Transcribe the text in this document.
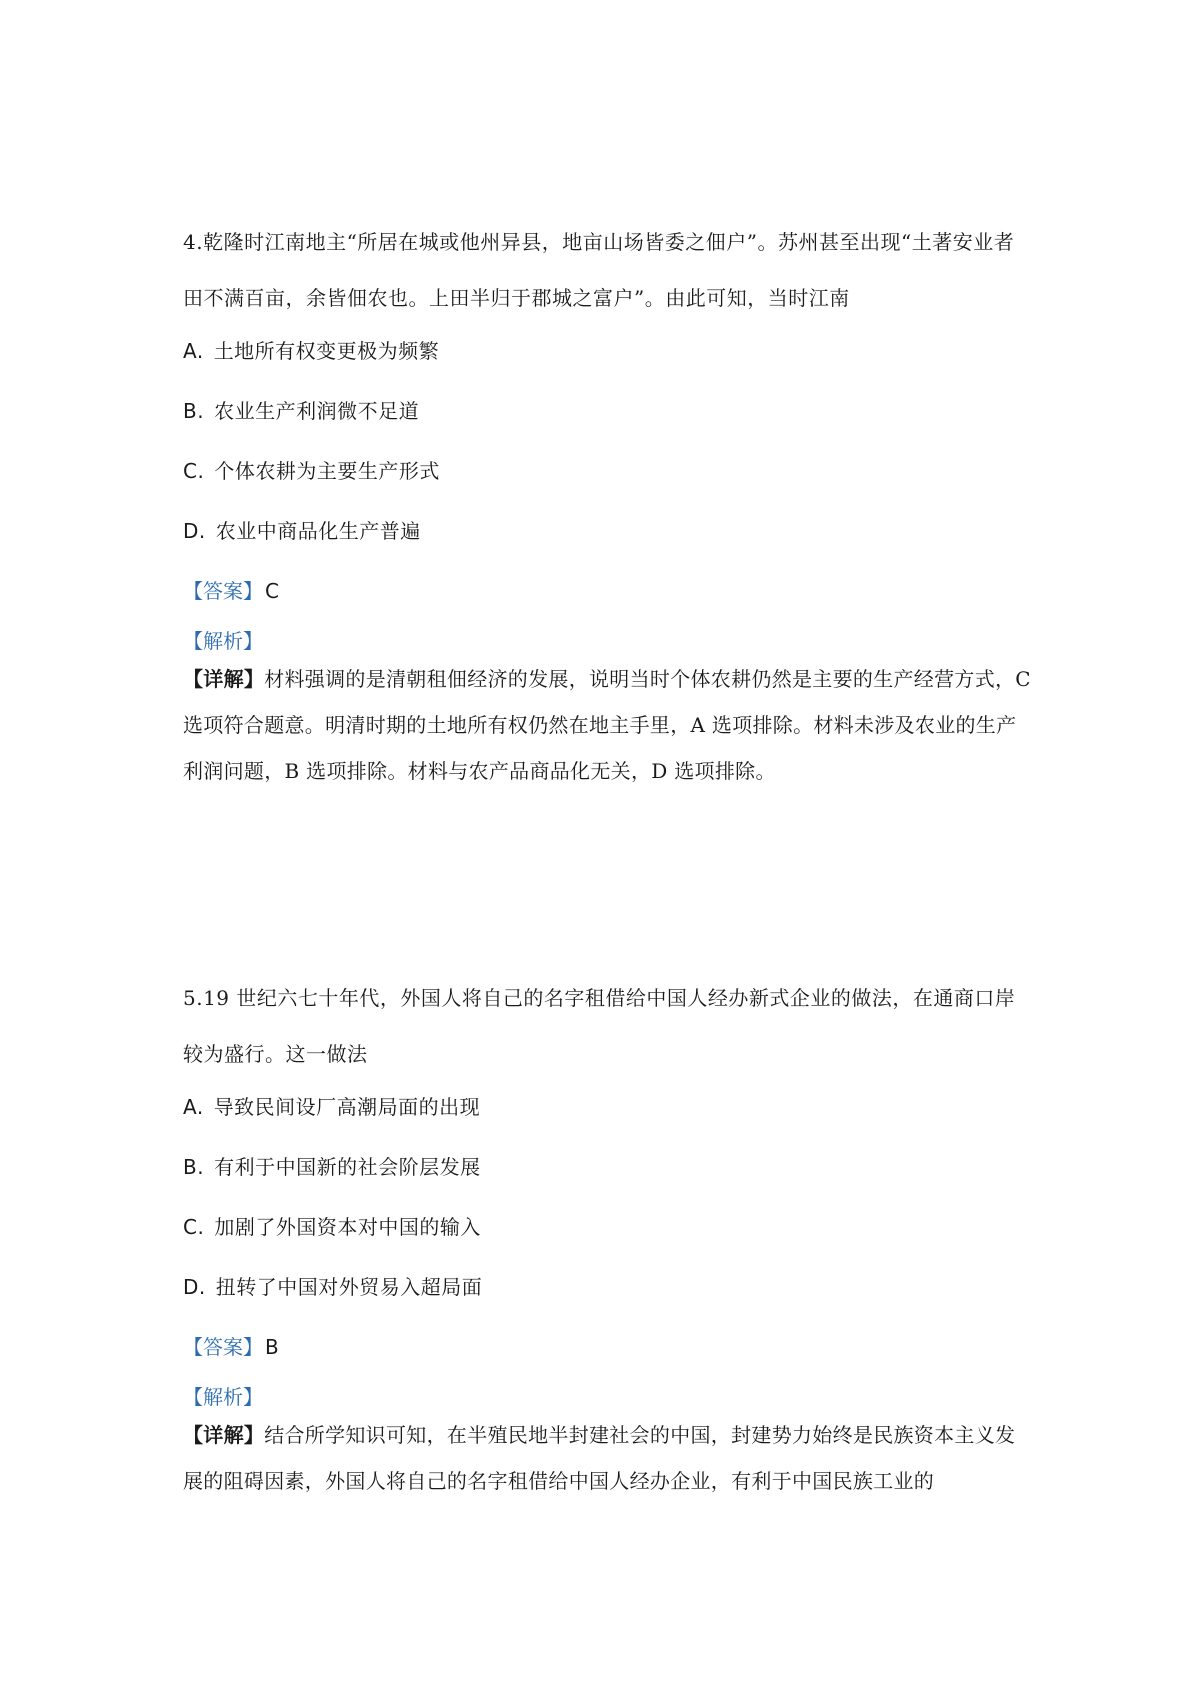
4.乾隆时江南地主“所居在城或他州异县，地亩山场皆委之佃户”。苏州甚至出现“土著安业者田不满百亩，余皆佃农也。上田半归于郡城之富户”。由此可知，当时江南

A. 土地所有权变更极为频繁

B. 农业生产利润微不足道

C. 个体农耕为主要生产形式

D. 农业中商品化生产普遍

【答案】 C

【解析】

【详解】材料强调的是清朝租佃经济的发展，说明当时个体农耕仍然是主要的生产经营方式，C 选项符合题意。明清时期的土地所有权仍然在地主手里，A 选项排除。材料未涉及农业的生产利润问题，B 选项排除。材料与农产品商品化无关，D 选项排除。

5.19 世纪六七十年代，外国人将自己的名字租借给中国人经办新式企业的做法，在通商口岸较为盛行。这一做法

A. 导致民间设厂高潮局面的出现

B. 有利于中国新的社会阶层发展

C. 加剧了外国资本对中国的输入

D. 扭转了中国对外贸易入超局面

【答案】 B

【解析】

【详解】结合所学知识可知，在半殖民地半封建社会的中国，封建势力始终是民族资本主义发展的阻碍因素，外国人将自己的名字租借给中国人经办企业，有利于中国民族工业的
